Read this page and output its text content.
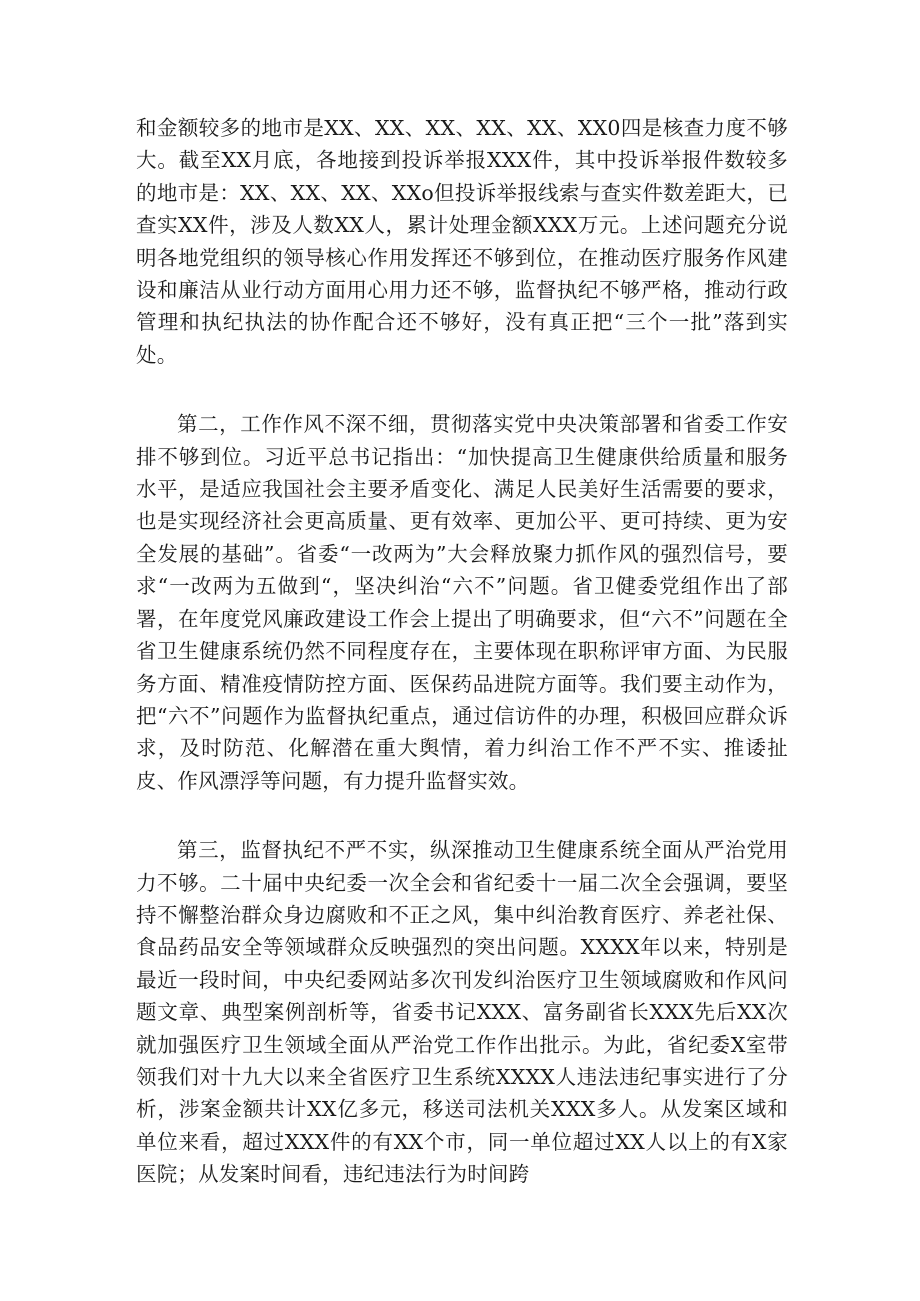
和金额较多的地市是XX、XX、XX、XX、XX、XX0四是核查力度不够大。截至XX月底，各地接到投诉举报XXX件，其中投诉举报件数较多的地市是：XX、XX、XX、XXo但投诉举报线索与查实件数差距大，已查实XX件，涉及人数XX人，累计处理金额XXX万元。上述问题充分说明各地党组织的领导核心作用发挥还不够到位，在推动医疗服务作风建设和廉洁从业行动方面用心用力还不够，监督执纪不够严格，推动行政管理和执纪执法的协作配合还不够好，没有真正把“三个一批”落到实处。

第二，工作作风不深不细，贯彻落实党中央决策部署和省委工作安排不够到位。习近平总书记指出：“加快提高卫生健康供给质量和服务水平，是适应我国社会主要矛盾变化、满足人民美好生活需要的要求，也是实现经济社会更高质量、更有效率、更加公平、更可持续、更为安全发展的基础”。省委“一改两为”大会释放聚力抓作风的强烈信号，要求“一改两为五做到“，坚决纠治“六不”问题。省卫健委党组作出了部署，在年度党风廉政建设工作会上提出了明确要求，但“六不”问题在全省卫生健康系统仍然不同程度存在，主要体现在职称评审方面、为民服务方面、精准疫情防控方面、医保药品进院方面等。我们要主动作为，把“六不”问题作为监督执纪重点，通过信访件的办理，积极回应群众诉求，及时防范、化解潜在重大舆情，着力纠治工作不严不实、推诿扯皮、作风漂浮等问题，有力提升监督实效。

第三，监督执纪不严不实，纵深推动卫生健康系统全面从严治党用力不够。二十届中央纪委一次全会和省纪委十一届二次全会强调，要坚持不懈整治群众身边腐败和不正之风，集中纠治教育医疗、养老社保、食品药品安全等领域群众反映强烈的突出问题。XXXX年以来，特别是最近一段时间，中央纪委网站多次刊发纠治医疗卫生领域腐败和作风问题文章、典型案例剖析等，省委书记XXX、富务副省长XXX先后XX次就加强医疗卫生领域全面从严治党工作作出批示。为此，省纪委X室带领我们对十九大以来全省医疗卫生系统XXXX人违法违纪事实进行了分析，涉案金额共计XX亿多元，移送司法机关XXX多人。从发案区域和单位来看，超过XXX件的有XX个市，同一单位超过XX人以上的有X家医院；从发案时间看，违纪违法行为时间跨
